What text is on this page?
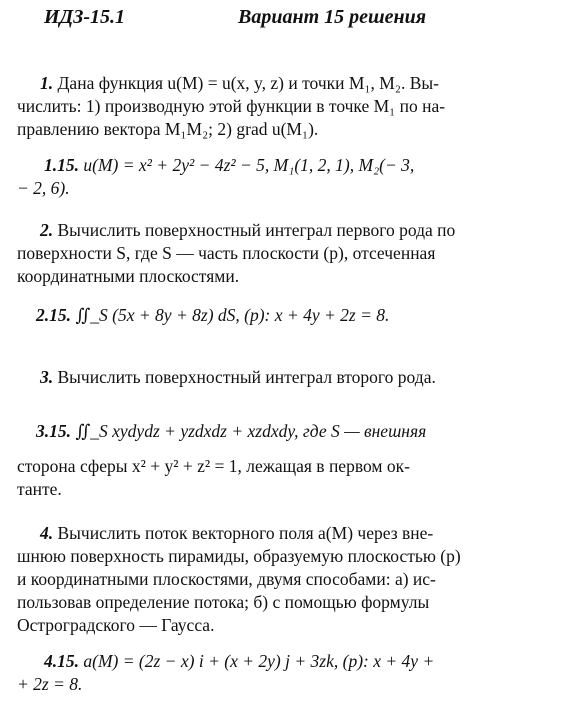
ИДЗ-15.1	Вариант 15 решения
1. Дана функция u(M) = u(x, y, z) и точки M₁, M₂. Вы-
числить: 1) производную этой функции в точке M₁ по на-
правлению вектора M₁M₂; 2) grad u(M₁).
1.15. u(M) = x² + 2y² − 4z² − 5, M₁(1, 2, 1), M₂(− 3,
− 2, 6).
2. Вычислить поверхностный интеграл первого рода по
поверхности S, где S — часть плоскости (p), отсеченная
координатными плоскостями.
2.15. ∬_S (5x + 8y + 8z) dS, (p): x + 4y + 2z = 8.
3. Вычислить поверхностный интеграл второго рода.
3.15. ∬_S xydydz + yzdxdz + xzdxdy, где S — внешняя
сторона сферы x² + y² + z² = 1, лежащая в первом ок-
танте.
4. Вычислить поток векторного поля a(M) через вне-
шнюю поверхность пирамиды, образуемую плоскостью (p)
и координатными плоскостями, двумя способами: а) ис-
пользовав определение потока; б) с помощью формулы
Остроградского — Гаусса.
4.15. a(M) = (2z − x) i + (x + 2y) j + 3zk, (p): x + 4y +
+ 2z = 8.
